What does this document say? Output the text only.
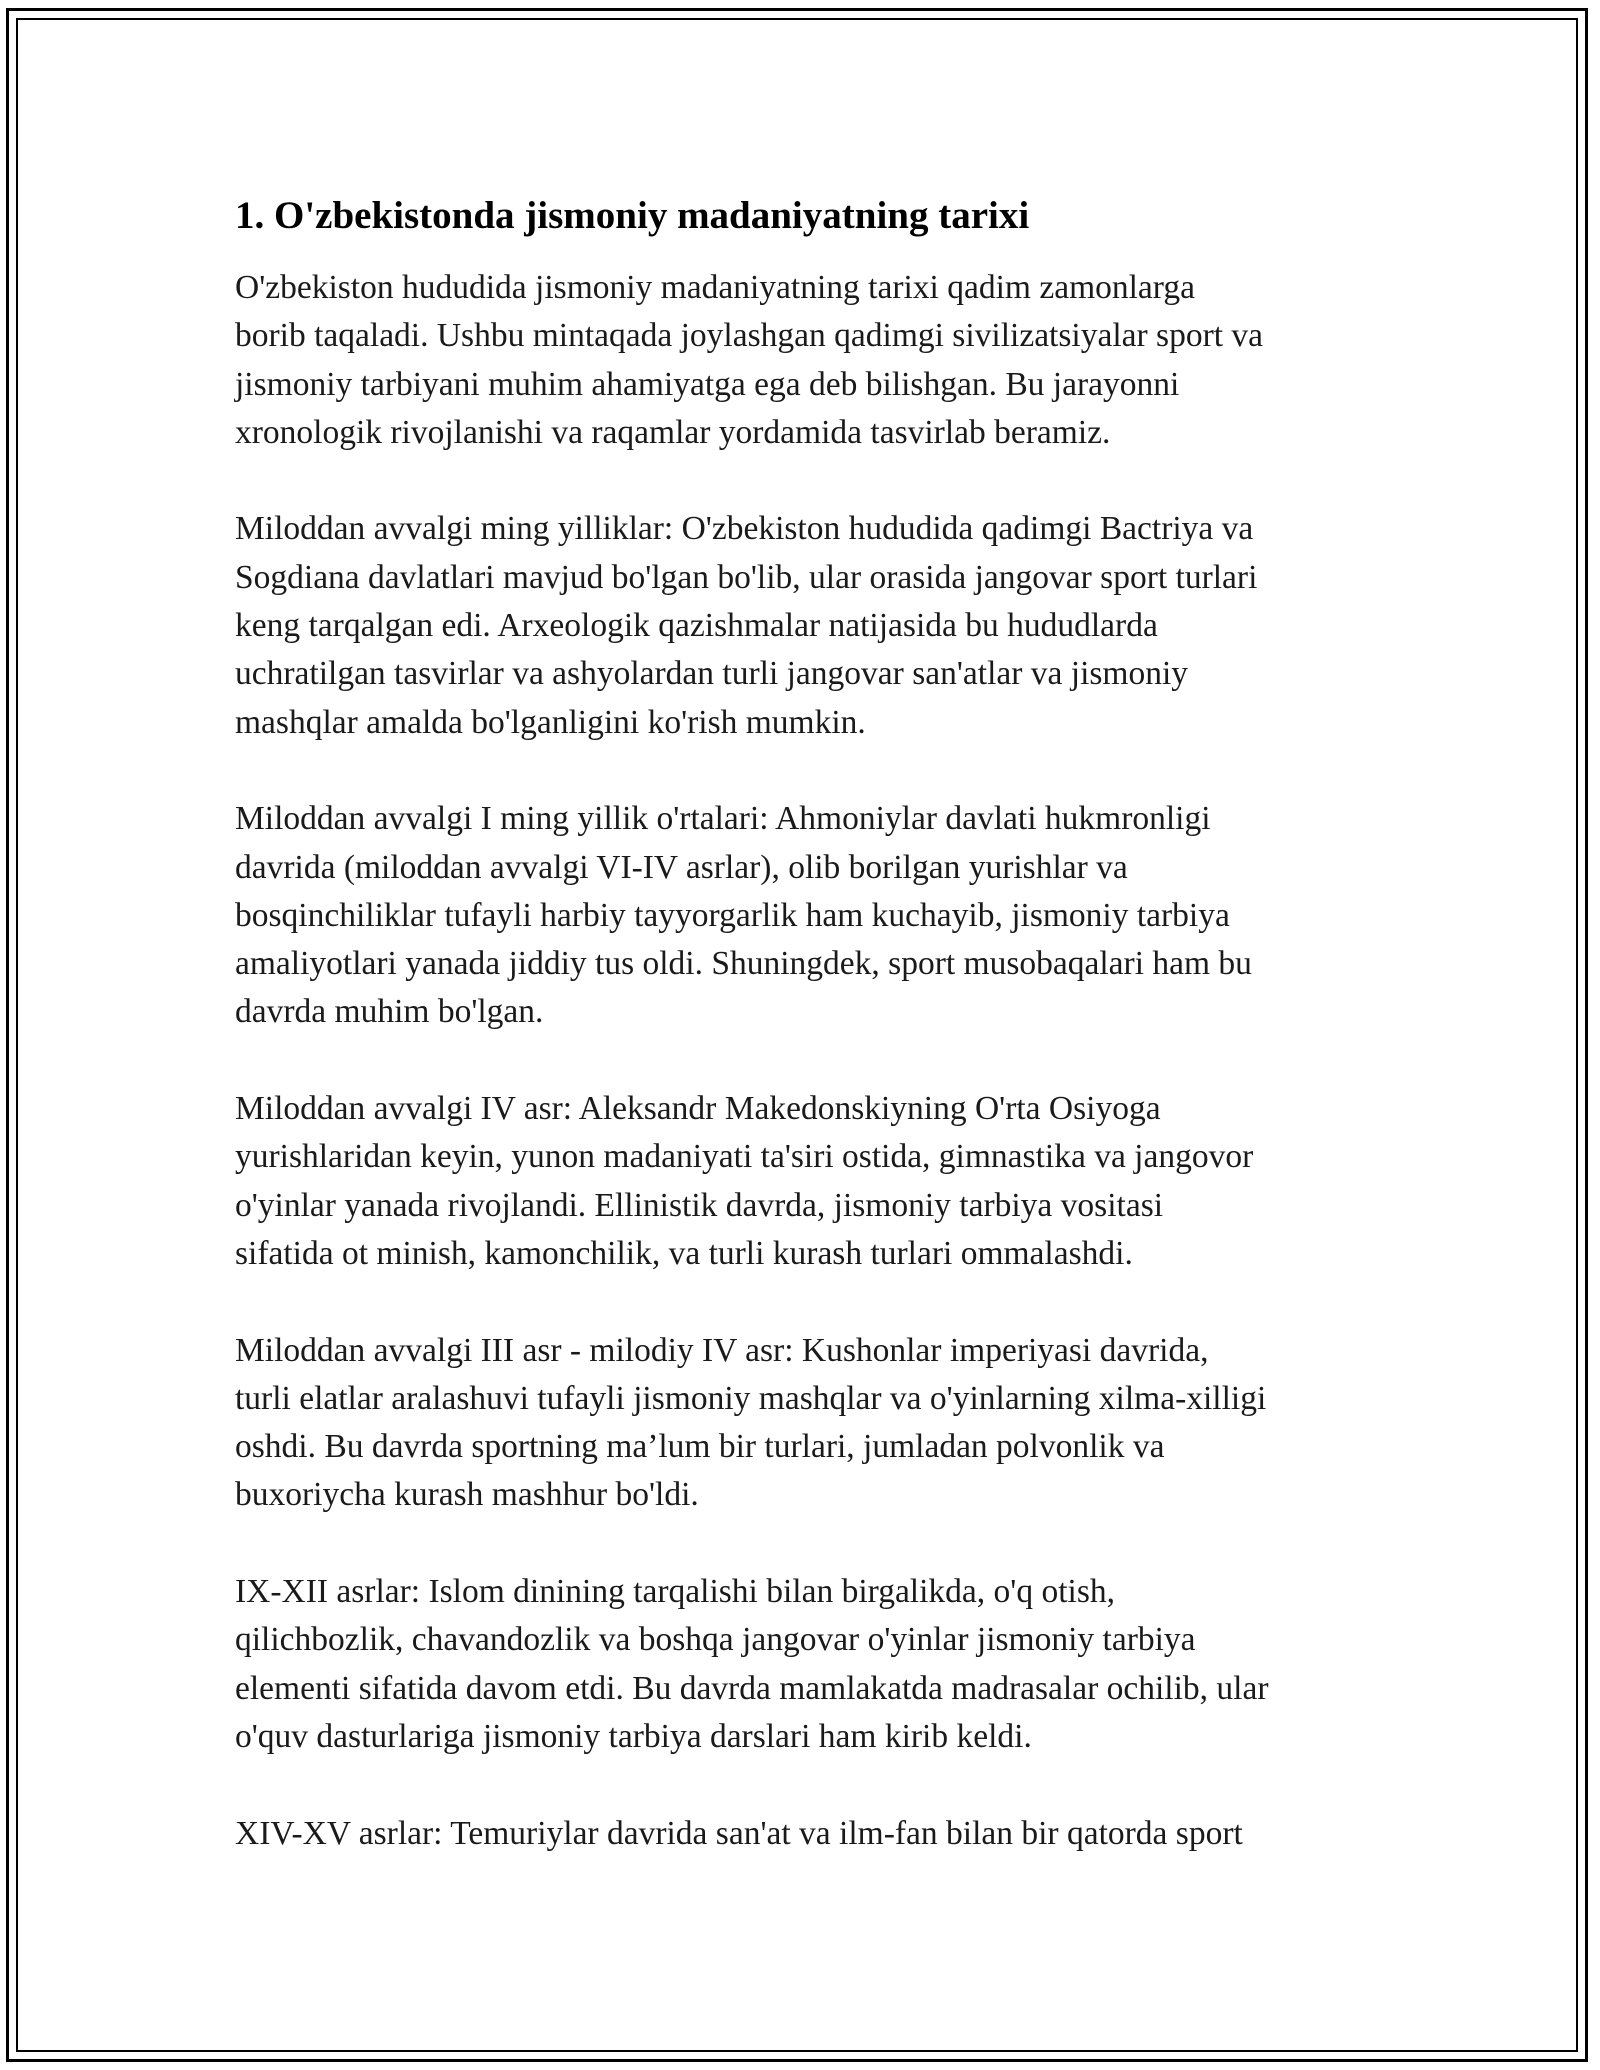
1. O'zbekistonda jismoniy madaniyatning tarixi

O'zbekiston hududida jismoniy madaniyatning tarixi qadim zamonlarga
borib taqaladi. Ushbu mintaqada joylashgan qadimgi sivilizatsiyalar sport va
jismoniy tarbiyani muhim ahamiyatga ega deb bilishgan. Bu jarayonni
xronologik rivojlanishi va raqamlar yordamida tasvirlab beramiz.

Miloddan avvalgi ming yilliklar: O'zbekiston hududida qadimgi Bactriya va
Sogdiana davlatlari mavjud bo'lgan bo'lib, ular orasida jangovar sport turlari
keng tarqalgan edi. Arxeologik qazishmalar natijasida bu hududlarda
uchratilgan tasvirlar va ashyolardan turli jangovar san'atlar va jismoniy
mashqlar amalda bo'lganligini ko'rish mumkin.

Miloddan avvalgi I ming yillik o'rtalari: Ahmoniylar davlati hukmronligi
davrida (miloddan avvalgi VI-IV asrlar), olib borilgan yurishlar va
bosqinchiliklar tufayli harbiy tayyorgarlik ham kuchayib, jismoniy tarbiya
amaliyotlari yanada jiddiy tus oldi. Shuningdek, sport musobaqalari ham bu
davrda muhim bo'lgan.

Miloddan avvalgi IV asr: Aleksandr Makedonskiyning O'rta Osiyoga
yurishlaridan keyin, yunon madaniyati ta'siri ostida, gimnastika va jangovor
o'yinlar yanada rivojlandi. Ellinistik davrda, jismoniy tarbiya vositasi
sifatida ot minish, kamonchilik, va turli kurash turlari ommalashdi.

Miloddan avvalgi III asr - milodiy IV asr: Kushonlar imperiyasi davrida,
turli elatlar aralashuvi tufayli jismoniy mashqlar va o'yinlarning xilma-xilligi
oshdi. Bu davrda sportning ma’lum bir turlari, jumladan polvonlik va
buxoriycha kurash mashhur bo'ldi.

IX-XII asrlar: Islom dinining tarqalishi bilan birgalikda, o'q otish,
qilichbozlik, chavandozlik va boshqa jangovar o'yinlar jismoniy tarbiya
elementi sifatida davom etdi. Bu davrda mamlakatda madrasalar ochilib, ular
o'quv dasturlariga jismoniy tarbiya darslari ham kirib keldi.

XIV-XV asrlar: Temuriylar davrida san'at va ilm-fan bilan bir qatorda sport
